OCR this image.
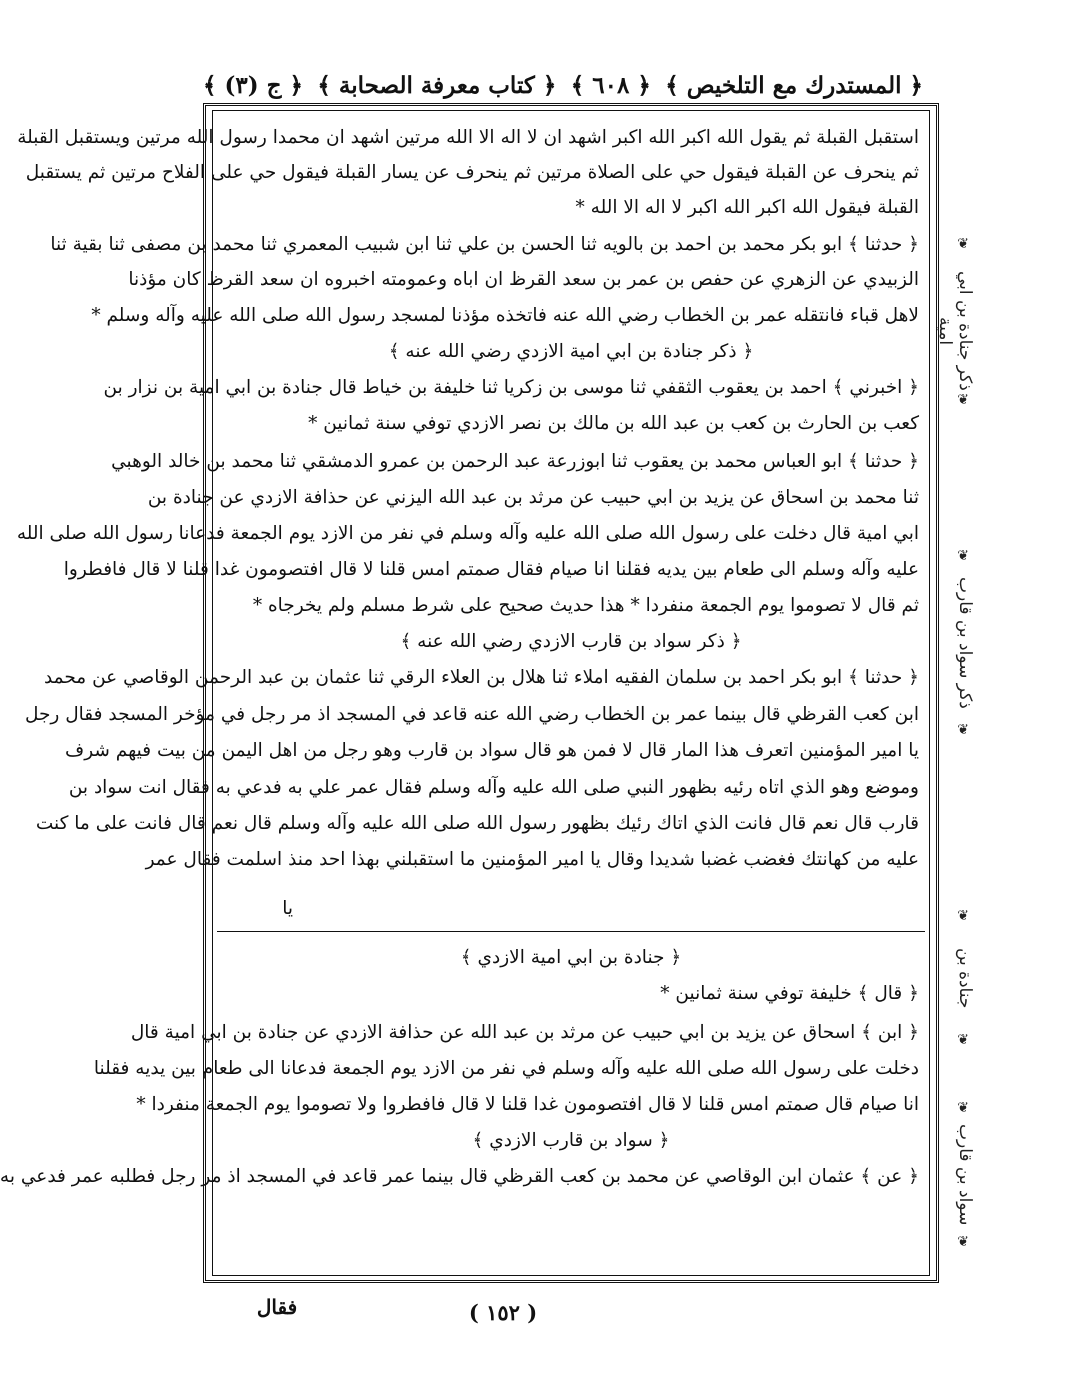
﴿ المستدرك مع التلخيص ﴾
﴿ ٦٠٨ ﴾
﴿ كتاب معرفة الصحابة ﴾
﴿ ج (٣) ﴾
استقبل القبلة ثم يقول الله اكبر الله اكبر اشهد ان لا اله الا الله مرتين اشهد ان محمدا رسول الله مرتين ويستقبل القبلة
ثم ينحرف عن القبلة فيقول حي على الصلاة مرتين ثم ينحرف عن يسار القبلة فيقول حي على الفلاح مرتين ثم يستقبل
القبلة فيقول الله اكبر الله اكبر لا اله الا الله *
﴿ حدثنا ﴾ ابو بكر محمد بن احمد بن بالويه ثنا الحسن بن علي ثنا ابن شبيب المعمري ثنا محمد بن مصفى ثنا بقية ثنا
الزبيدي عن الزهري عن حفص بن عمر بن سعد القرظ ان اباه وعمومته اخبروه ان سعد القرظ كان مؤذنا
لاهل قباء فانتقله عمر بن الخطاب رضي الله عنه فاتخذه مؤذنا لمسجد رسول الله صلى الله عليه وآله وسلم *
﴿ ذكر جنادة بن ابي امية الازدي رضي الله عنه ﴾
﴿ اخبرني ﴾ احمد بن يعقوب الثقفي ثنا موسى بن زكريا ثنا خليفة بن خياط قال جنادة بن ابي امية بن نزار بن
كعب بن الحارث بن كعب بن عبد الله بن مالك بن نصر الازدي توفي سنة ثمانين *
﴿ حدثنا ﴾ ابو العباس محمد بن يعقوب ثنا ابوزرعة عبد الرحمن بن عمرو الدمشقي ثنا محمد بن خالد الوهبي
ثنا محمد بن اسحاق عن يزيد بن ابي حبيب عن مرثد بن عبد الله اليزني عن حذافة الازدي عن جنادة بن
ابي امية قال دخلت على رسول الله صلى الله عليه وآله وسلم في نفر من الازد يوم الجمعة فدعانا رسول الله صلى الله
عليه وآله وسلم الى طعام بين يديه فقلنا انا صيام فقال صمتم امس قلنا لا قال افتصومون غدا قلنا لا قال فافطروا
ثم قال لا تصوموا يوم الجمعة منفردا * هذا حديث صحيح على شرط مسلم ولم يخرجاه *
﴿ ذكر سواد بن قارب الازدي رضي الله عنه ﴾
﴿ حدثنا ﴾ ابو بكر احمد بن سلمان الفقيه املاء ثنا هلال بن العلاء الرقي ثنا عثمان بن عبد الرحمن الوقاصي عن محمد
ابن كعب القرظي قال بينما عمر بن الخطاب رضي الله عنه قاعد في المسجد اذ مر رجل في مؤخر المسجد فقال رجل
يا امير المؤمنين اتعرف هذا المار قال لا فمن هو قال سواد بن قارب وهو رجل من اهل اليمن من بيت فيهم شرف
وموضع وهو الذي اتاه رئيه بظهور النبي صلى الله عليه وآله وسلم فقال عمر علي به فدعي به فقال انت سواد بن
قارب قال نعم قال فانت الذي اتاك رئيك بظهور رسول الله صلى الله عليه وآله وسلم قال نعم قال فانت على ما كنت
عليه من كهانتك فغضب غضبا شديدا وقال يا امير المؤمنين ما استقبلني بهذا احد منذ اسلمت فقال عمر
يا
﴿ جنادة بن ابي امية الازدي ﴾
﴿ قال ﴾ خليفة توفي سنة ثمانين *
﴿ ابن ﴾ اسحاق عن يزيد بن ابي حبيب عن مرثد بن عبد الله عن حذافة الازدي عن جنادة بن ابي امية قال
دخلت على رسول الله صلى الله عليه وآله وسلم في نفر من الازد يوم الجمعة فدعانا الى طعام بين يديه فقلنا
انا صيام قال صمتم امس قلنا لا قال افتصومون غدا قلنا لا قال فافطروا ولا تصوموا يوم الجمعة منفردا *
﴿ سواد بن قارب الازدي ﴾
﴿ عن ﴾ عثمان ابن الوقاصي عن محمد بن كعب القرظي قال بينما عمر قاعد في المسجد اذ مر رجل فطلبه عمر فدعي به
❦
ذكر جنادة بن ابي امية
❦
❦
ذكر سواد بن قارب
❦
❦
جنادة بن
❦
❦
سواد بن قارب
❦
( ١٥٢ )
فقال
